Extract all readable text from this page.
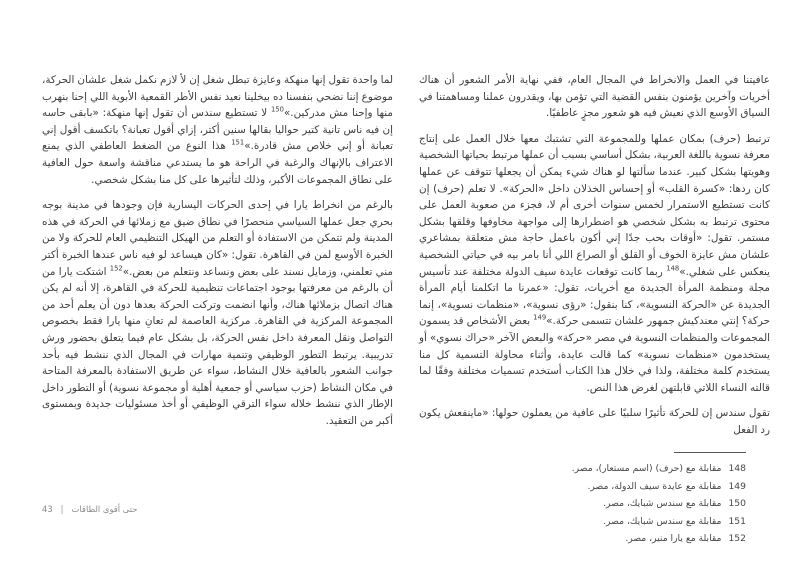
عافيتنا في العمل والانخراط في المجال العام، ففي نهاية الأمر الشعور أن هناك أخريات وآخرين يؤمنون بنفس القضية التي تؤمن بها، ويقدرون عملنا ومساهمتنا في السياق الأوسع الذي نعيش فيه هو شعور مجزٍ عاطفيًا.

ترتبط (حرف) بمكان عملها وللمجموعة التي تشتبك معها خلال العمل على إنتاج معرفة نسوية باللغة العربية، بشكل أساسي بسبب أن عملها مرتبط بحياتها الشخصية وهويتها بشكل كبير. عندما سألتها لو هناك شيء يمكن أن يجعلها تتوقف عن عملها كان ردها: «كسرة القلب» أو إحساس الخذلان داخل «الحركة». لا تعلم (حرف) إن كانت تستطيع الاستمرار لخمس سنوات أخرى أم لا، فجزء من صعوبة العمل على محتوى ترتبط به بشكل شخصي هو اضطرارها إلى مواجهة مخاوفها وقلقها بشكل مستمر. تقول: «أوقات بحب جدًا إني أكون باعمل حاجة مش متعلقة بمشاعري علشان مش عايزة الخوف أو القلق أو الصراع اللي أنا بامر بيه في حياتي الشخصية ينعكس على شغلي.»$^{148}$ ربما كانت توقعات عايدة سيف الدولة مختلفة عند تأسيس مجلة ومنظمة المرأة الجديدة مع أخريات، تقول: «عمرنا ما اتكلمنا أيام المرأة الجديدة عن «الحركة النسوية»، كنا بنقول: «رؤى نسوية»، «منظمات نسوية»، إنما حركة؟ إنتي معندكيش جمهور علشان تتسمى حركة.»$^{149}$ بعض الأشخاص قد يسمون المجموعات والمنظمات النسوية في مصر «حركة» والبعض الآخر «حراك نسوي» أو يستخدمون «منظمات نسوية» كما قالت عايدة، وأثناء محاولة التسمية كل منا يستخدم كلمة مختلفة، ولذا في خلال هذا الكتاب أستخدم تسميات مختلفة وفقًا لما قالته النساء اللاتي قابلتهن لغرض هذا النص.

تقول سندس إن للحركة تأثيرًا سلبيًا على عافية من يعملون حولها: «ماينفعش يكون رد الفعل

148مقابلة مع (حرف) (اسم مستعار)، مصر.
149مقابلة مع عايدة سيف الدولة، مصر.
150مقابلة مع سندس شبايك، مصر.
151مقابلة مع سندس شبايك، مصر.
152مقابلة مع يارا منير، مصر.

لما واحدة تقول إنها منهكة وعايزة تبطل شغل إن لأ لازم نكمل شغل علشان الحركة، موضوع إننا نضحي بنفسنا ده بيخلينا نعيد نفس الأطر القمعية الأبوية اللي إحنا بنهرب منها وإحنا مش مدركين.»$^{150}$ لا تستطيع سندس أن تقول إنها منهكة: «بابقى حاسه إن فيه ناس تانية كتير حواليا بقالها سنين أكتر، إزاي أقول تعبانة؟ باتكسف أقول إني تعبانة أو إني خلاص مش قادرة.»$^{151}$ هذا النوع من الضغط العاطفي الذي يمنع الاعتراف بالإنهاك والرغبة في الراحة هو ما يستدعي مناقشة واسعة حول العافية على نطاق المجموعات الأكبر، وذلك لتأثيرها على كل منا بشكل شخصي.

بالرغم من انخراط يارا في إحدى الحركات اليسارية فإن وجودها في مدينة بوجه بحري جعل عملها السياسي منحصرًا في نطاق ضيق مع زملائها في الحركة في هذه المدينة ولم تتمكن من الاستفادة أو التعلم من الهيكل التنظيمي العام للحركة ولا من الخبرة الأوسع لمن في القاهرة. تقول: «كان هيساعد لو فيه ناس عندها الخبرة أكتر مني تعلمني، وزمايل نسند على بعض ونساعد ونتعلم من بعض.»$^{152}$ اشتكت يارا من أن بالرغم من معرفتها بوجود اجتماعات تنظيمية للحركة في القاهرة، إلا أنه لم يكن هناك اتصال بزملائها هناك، وأنها انضمت وتركت الحركة بعدها دون أن يعلم أحد من المجموعة المركزية في القاهرة. مركزية العاصمة لم تعانِ منها يارا فقط بخصوص التواصل ونقل المعرفة داخل نفس الحركة، بل بشكل عام فيما يتعلق بحضور ورش تدريبية. يرتبط التطور الوظيفي وتنمية مهارات في المجال الذي ننشط فيه بأحد جوانب الشعور بالعافية خلال النشاط، سواء عن طريق الاستفادة بالمعرفة المتاحة في مكان النشاط (حزب سياسي أو جمعية أهلية أو مجموعة نسوية) أو التطور داخل الإطار الذي ننشط خلاله سواء الترقي الوظيفي أو أخذ مسئوليات جديدة وبمستوى أكبر من التعقيد.

حتى أقوى الطاقات
|
43
